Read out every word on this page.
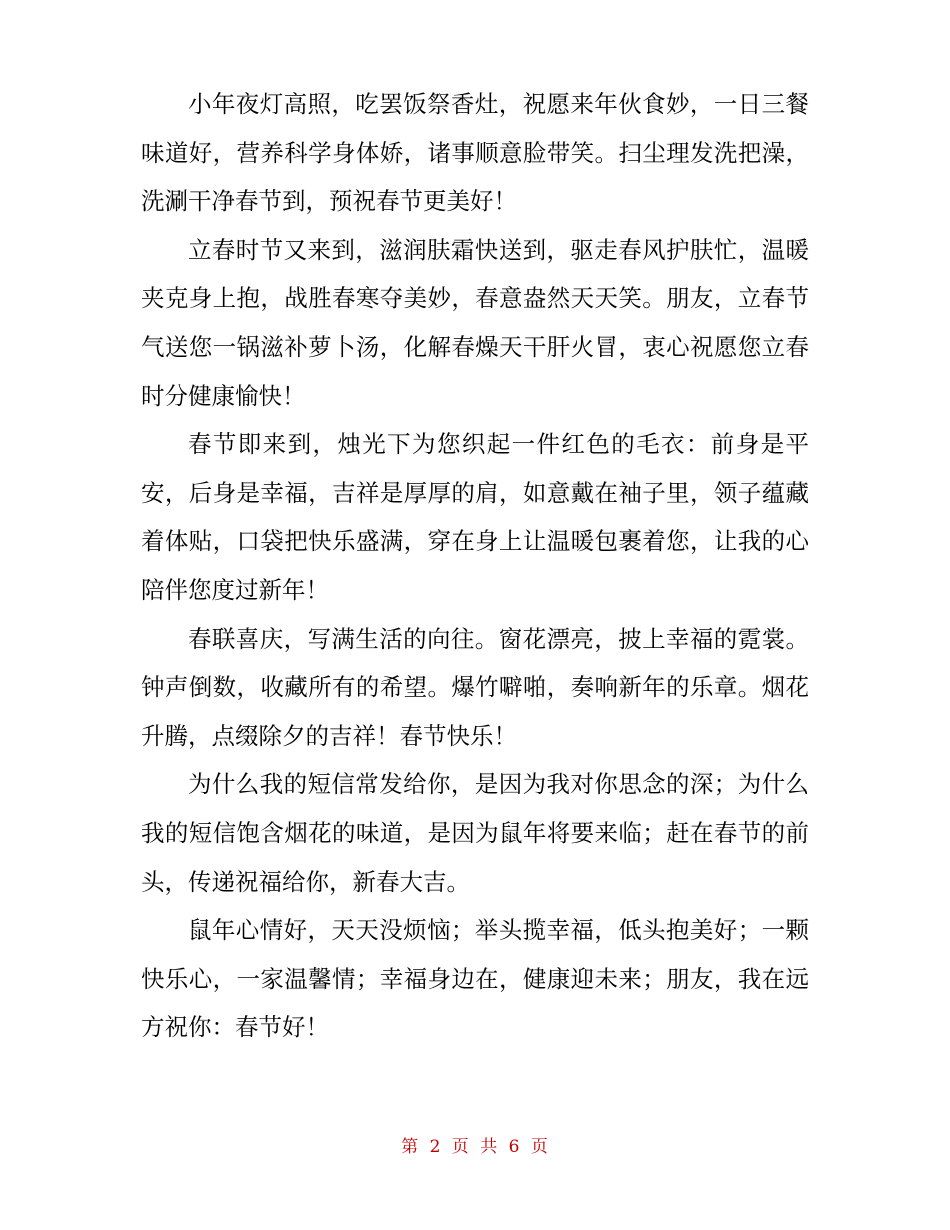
小年夜灯高照，吃罢饭祭香灶，祝愿来年伙食妙，一日三餐味道好，营养科学身体娇，诸事顺意脸带笑。扫尘理发洗把澡，洗涮干净春节到，预祝春节更美好！

立春时节又来到，滋润肤霜快送到，驱走春风护肤忙，温暖夹克身上抱，战胜春寒夺美妙，春意盎然天天笑。朋友，立春节气送您一锅滋补萝卜汤，化解春燥天干肝火冒，衷心祝愿您立春时分健康愉快！

春节即来到，烛光下为您织起一件红色的毛衣：前身是平安，后身是幸福，吉祥是厚厚的肩，如意戴在袖子里，领子蕴藏着体贴，口袋把快乐盛满，穿在身上让温暖包裹着您，让我的心陪伴您度过新年！

春联喜庆，写满生活的向往。窗花漂亮，披上幸福的霓裳。钟声倒数，收藏所有的希望。爆竹噼啪，奏响新年的乐章。烟花升腾，点缀除夕的吉祥！春节快乐！

为什么我的短信常发给你，是因为我对你思念的深；为什么我的短信饱含烟花的味道，是因为鼠年将要来临；赶在春节的前头，传递祝福给你，新春大吉。

鼠年心情好，天天没烦恼；举头揽幸福，低头抱美好；一颗快乐心，一家温馨情；幸福身边在，健康迎未来；朋友，我在远方祝你：春节好！

第 2 页 共 6 页
